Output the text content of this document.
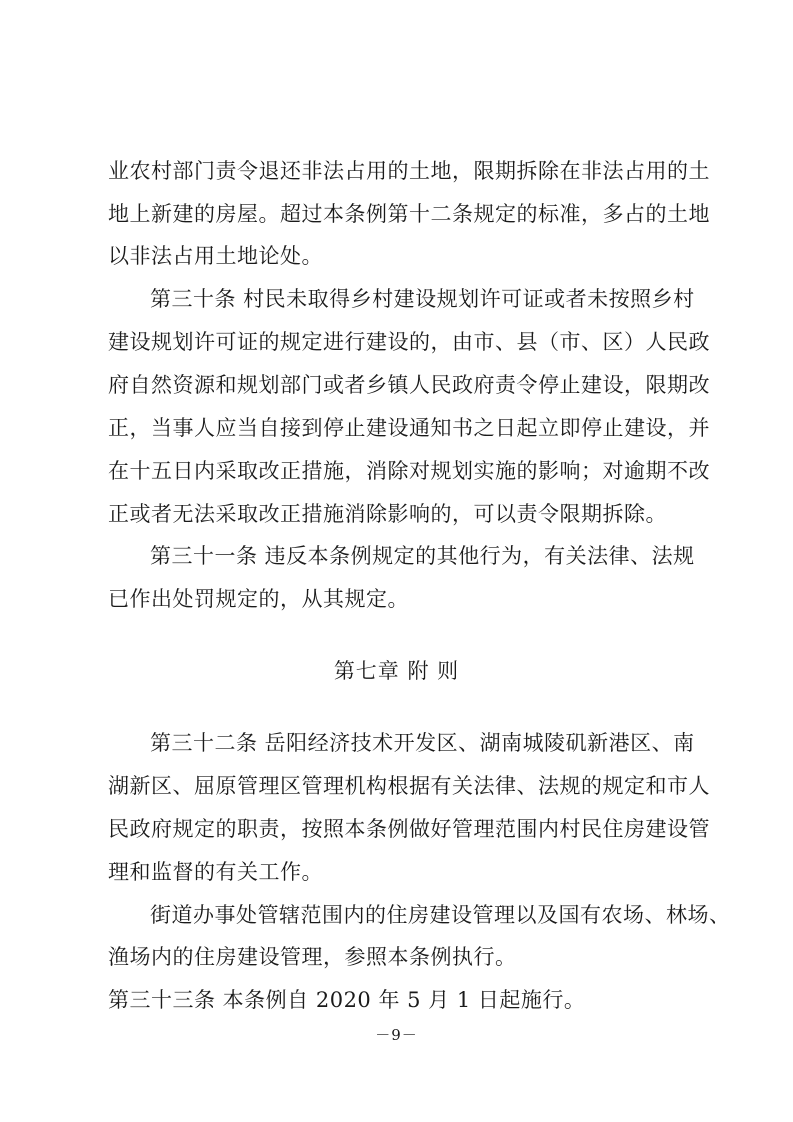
业农村部门责令退还非法占用的土地，限期拆除在非法占用的土
地上新建的房屋。超过本条例第十二条规定的标准，多占的土地
以非法占用土地论处。
第三十条 村民未取得乡村建设规划许可证或者未按照乡村
建设规划许可证的规定进行建设的，由市、县（市、区）人民政
府自然资源和规划部门或者乡镇人民政府责令停止建设，限期改
正，当事人应当自接到停止建设通知书之日起立即停止建设，并
在十五日内采取改正措施，消除对规划实施的影响；对逾期不改
正或者无法采取改正措施消除影响的，可以责令限期拆除。
第三十一条 违反本条例规定的其他行为，有关法律、法规
已作出处罚规定的，从其规定。
第七章 附 则
第三十二条 岳阳经济技术开发区、湖南城陵矶新港区、南
湖新区、屈原管理区管理机构根据有关法律、法规的规定和市人
民政府规定的职责，按照本条例做好管理范围内村民住房建设管
理和监督的有关工作。
街道办事处管辖范围内的住房建设管理以及国有农场、林场、
渔场内的住房建设管理，参照本条例执行。
第三十三条 本条例自 2020 年 5 月 1 日起施行。
－9－
